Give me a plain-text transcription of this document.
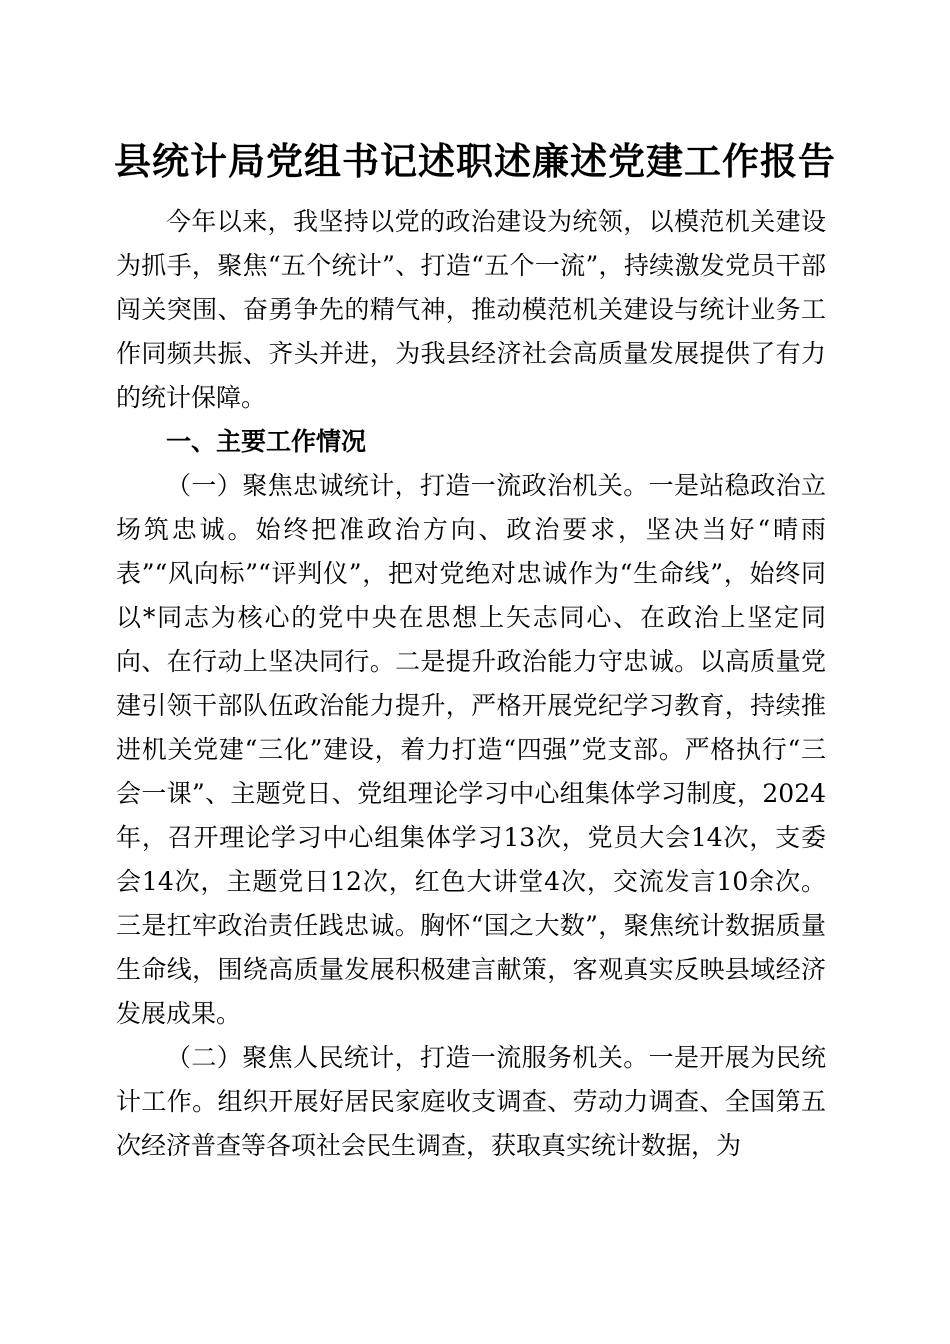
县统计局党组书记述职述廉述党建工作报告

今年以来，我坚持以党的政治建设为统领，以模范机关建设为抓手，聚焦“五个统计”、打造“五个一流”，持续激发党员干部闯关突围、奋勇争先的精气神，推动模范机关建设与统计业务工作同频共振、齐头并进，为我县经济社会高质量发展提供了有力的统计保障。

一、主要工作情况

（一）聚焦忠诚统计，打造一流政治机关。一是站稳政治立场筑忠诚。始终把准政治方向、政治要求，坚决当好“晴雨表”“风向标”“评判仪”，把对党绝对忠诚作为“生命线”，始终同以*同志为核心的党中央在思想上矢志同心、在政治上坚定同向、在行动上坚决同行。二是提升政治能力守忠诚。以高质量党建引领干部队伍政治能力提升，严格开展党纪学习教育，持续推进机关党建“三化”建设，着力打造“四强”党支部。严格执行“三会一课”、主题党日、党组理论学习中心组集体学习制度，2024年，召开理论学习中心组集体学习13次，党员大会14次，支委会14次，主题党日12次，红色大讲堂4次，交流发言10余次。三是扛牢政治责任践忠诚。胸怀“国之大数”，聚焦统计数据质量生命线，围绕高质量发展积极建言献策，客观真实反映县域经济发展成果。

（二）聚焦人民统计，打造一流服务机关。一是开展为民统计工作。组织开展好居民家庭收支调查、劳动力调查、全国第五次经济普查等各项社会民生调查，获取真实统计数据，为
